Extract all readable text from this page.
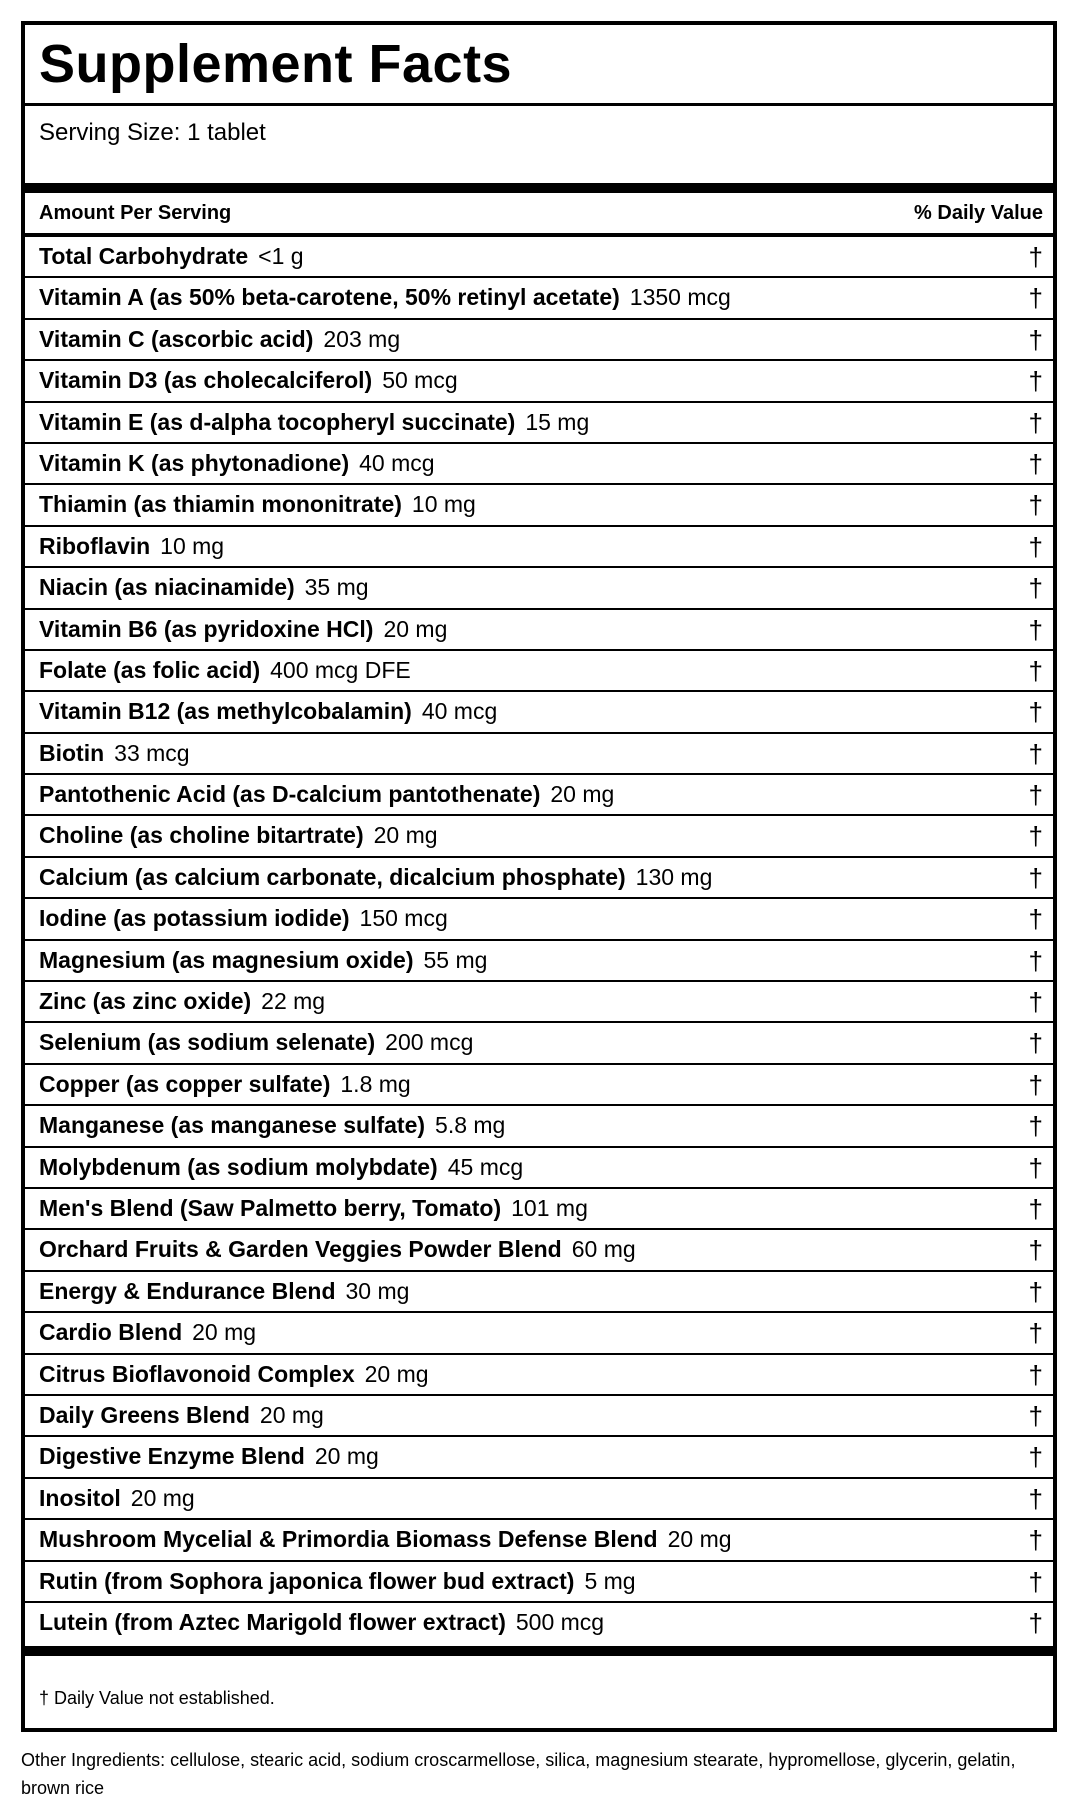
Supplement Facts
Serving Size: 1 tablet
Amount Per Serving	% Daily Value
Total Carbohydrate <1 g	†
Vitamin A (as 50% beta-carotene, 50% retinyl acetate) 1350 mcg	†
Vitamin C (ascorbic acid) 203 mg	†
Vitamin D3 (as cholecalciferol) 50 mcg	†
Vitamin E (as d-alpha tocopheryl succinate) 15 mg	†
Vitamin K (as phytonadione) 40 mcg	†
Thiamin (as thiamin mononitrate) 10 mg	†
Riboflavin 10 mg	†
Niacin (as niacinamide) 35 mg	†
Vitamin B6 (as pyridoxine HCl) 20 mg	†
Folate (as folic acid) 400 mcg DFE	†
Vitamin B12 (as methylcobalamin) 40 mcg	†
Biotin 33 mcg	†
Pantothenic Acid (as D-calcium pantothenate) 20 mg	†
Choline (as choline bitartrate) 20 mg	†
Calcium (as calcium carbonate, dicalcium phosphate) 130 mg	†
Iodine (as potassium iodide) 150 mcg	†
Magnesium (as magnesium oxide) 55 mg	†
Zinc (as zinc oxide) 22 mg	†
Selenium (as sodium selenate) 200 mcg	†
Copper (as copper sulfate) 1.8 mg	†
Manganese (as manganese sulfate) 5.8 mg	†
Molybdenum (as sodium molybdate) 45 mcg	†
Men's Blend (Saw Palmetto berry, Tomato) 101 mg	†
Orchard Fruits & Garden Veggies Powder Blend 60 mg	†
Energy & Endurance Blend 30 mg	†
Cardio Blend 20 mg	†
Citrus Bioflavonoid Complex 20 mg	†
Daily Greens Blend 20 mg	†
Digestive Enzyme Blend 20 mg	†
Inositol 20 mg	†
Mushroom Mycelial & Primordia Biomass Defense Blend 20 mg	†
Rutin (from Sophora japonica flower bud extract) 5 mg	†
Lutein (from Aztec Marigold flower extract) 500 mcg	†
† Daily Value not established.
Other Ingredients: cellulose, stearic acid, sodium croscarmellose, silica, magnesium stearate, hypromellose, glycerin, gelatin, brown rice
